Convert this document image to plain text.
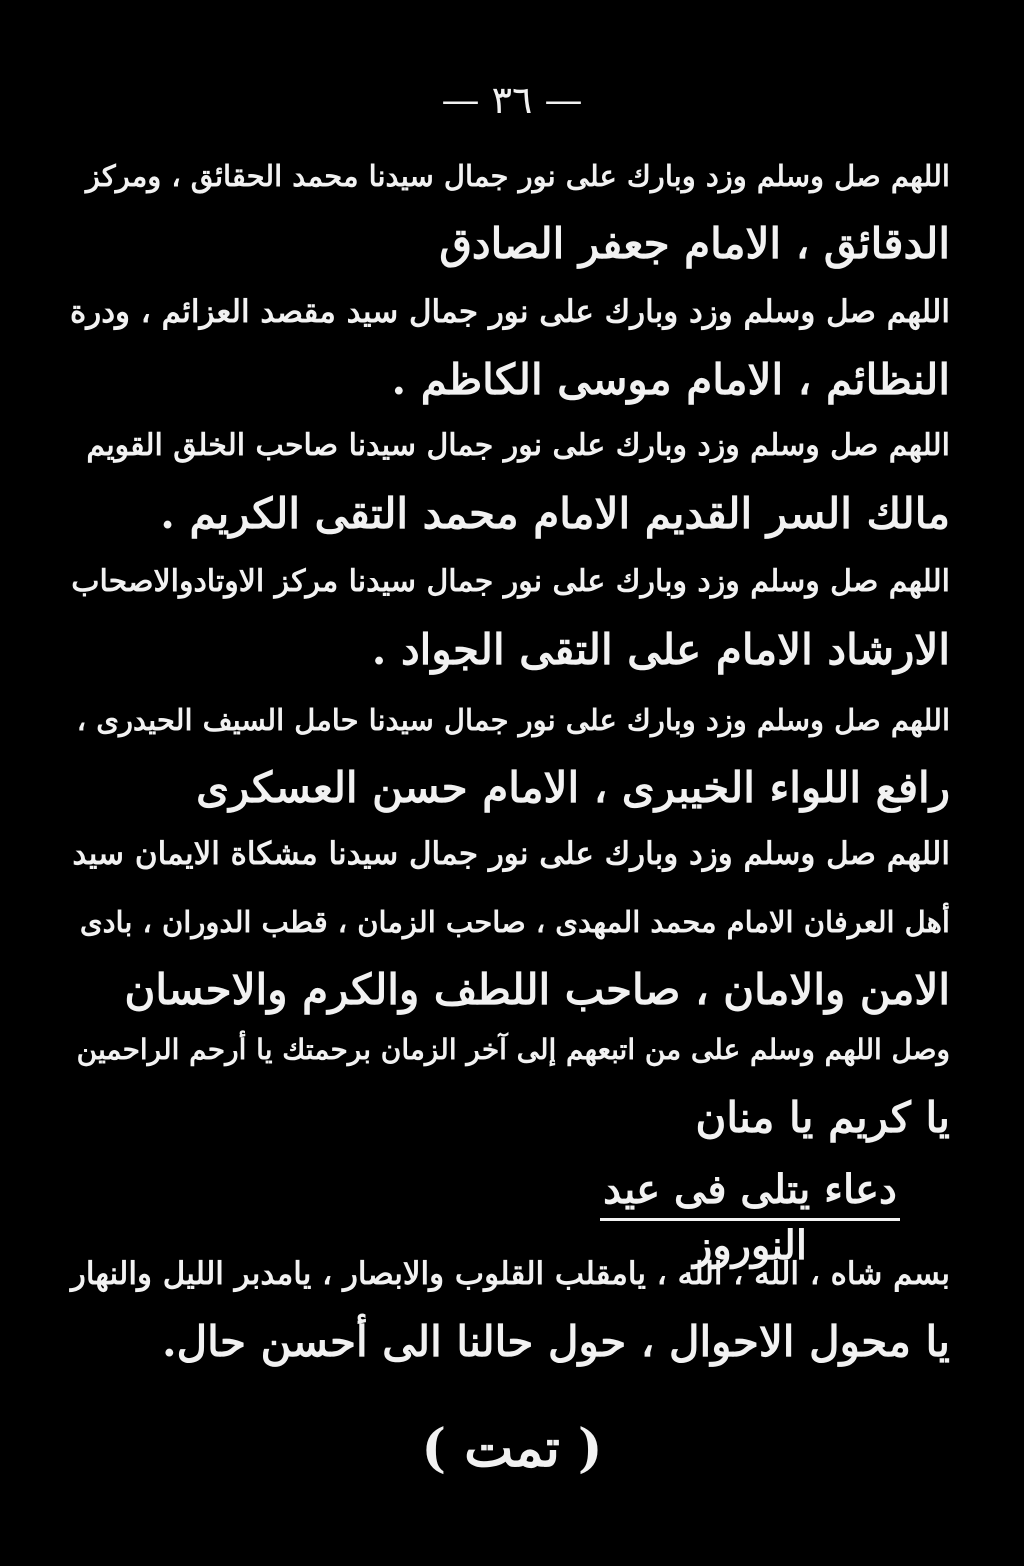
— ٣٦ —
اللهم صل وسلم وزد وبارك على نور جمال سيدنا محمد الحقائق ، ومركز
الدقائق ، الامام جعفر الصادق
اللهم صل وسلم وزد وبارك على نور جمال سيد مقصد العزائم ، ودرة
النظائم ، الامام موسى الكاظم .
اللهم صل وسلم وزد وبارك على نور جمال سيدنا صاحب الخلق القويم
مالك السر القديم الامام محمد التقى الكريم .
اللهم صل وسلم وزد وبارك على نور جمال سيدنا مركز الاوتادوالاصحاب
الارشاد الامام على التقى الجواد .
اللهم صل وسلم وزد وبارك على نور جمال سيدنا حامل السيف الحيدرى ،
رافع اللواء الخيبرى ، الامام حسن العسكرى
اللهم صل وسلم وزد وبارك على نور جمال سيدنا مشكاة الايمان سيد
أهل العرفان الامام محمد المهدى ، صاحب الزمان ، قطب الدوران ، بادى
الامن والامان ، صاحب اللطف والكرم والاحسان
وصل اللهم وسلم على من اتبعهم إلى آخر الزمان برحمتك يا أرحم الراحمين
يا كريم يا منان
دعاء يتلى فى عيد النوروز
بسم شاه ، الله ، الله ، يامقلب القلوب والابصار ، يامدبر الليل والنهار
يا محول الاحوال ، حول حالنا الى أحسن حال.
( تمت )
